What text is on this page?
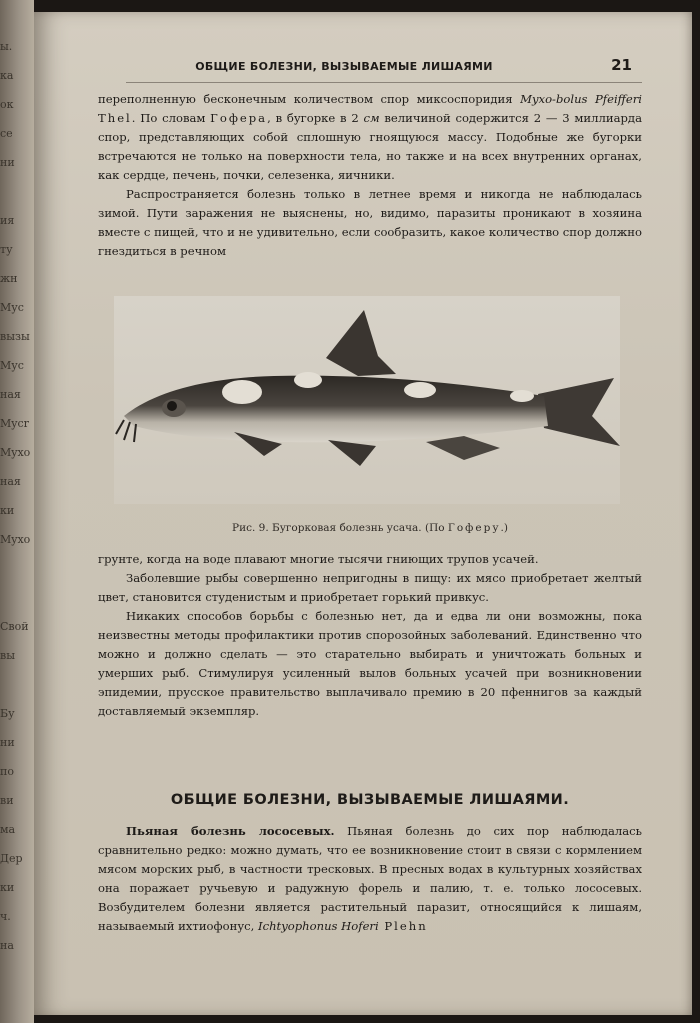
ы.
ка
ок
се
ни
ия
ту
жн
Мус
вызы
Мус
ная
Mycr
Myxo
ная
ки
Myxo
Свой
вы
Бу
ни
по
ви
ма
Дер
ки
ч.
на
ОБЩИЕ БОЛЕЗНИ, ВЫЗЫВАЕМЫЕ ЛИШАЯМИ	21

переполненную бесконечным количеством спор миксоспоридия Myxo-bolus Pfeifferi Thel. По словам Гофера, в бугорке в 2 см величиной содержится 2 — 3 миллиарда спор, представляющих собой сплошную гноящуюся массу. Подобные же бугорки встречаются не только на поверхности тела, но также и на всех внутренних органах, как сердце, печень, почки, селезенка, яичники.

Распространяется болезнь только в летнее время и никогда не наблюдалась зимой. Пути заражения не выяснены, но, видимо, паразиты проникают в хозяина вместе с пищей, что и не удивительно, если сообразить, какое количество спор должно гнездиться в речном

Рис. 9. Бугорковая болезнь усача. (По Гоферу.)

грунте, когда на воде плавают многие тысячи гниющих трупов усачей.

Заболевшие рыбы совершенно непригодны в пищу: их мясо приобретает желтый цвет, становится студенистым и приобретает горький привкус.

Никаких способов борьбы с болезнью нет, да и едва ли они возможны, пока неизвестны методы профилактики против спорозойных заболеваний. Единственно что можно и должно сделать — это старательно выбирать и уничтожать больных и умерших рыб. Стимулируя усиленный вылов больных усачей при возникновении эпидемии, прусское правительство выплачивало премию в 20 пфеннигов за каждый доставляемый экземпляр.

ОБЩИЕ БОЛЕЗНИ, ВЫЗЫВАЕМЫЕ ЛИШАЯМИ.

Пьяная болезнь лососевых. Пьяная болезнь до сих пор наблюдалась сравнительно редко: можно думать, что ее возникновение стоит в связи с кормлением мясом морских рыб, в частности тресковых. В пресных водах в культурных хозяйствах она поражает ручьевую и радужную форель и палию, т. е. только лососевых. Возбудителем болезни является растительный паразит, относящийся к лишаям, называемый ихтиофонус, Ichtyophonus Hoferi Plehn
